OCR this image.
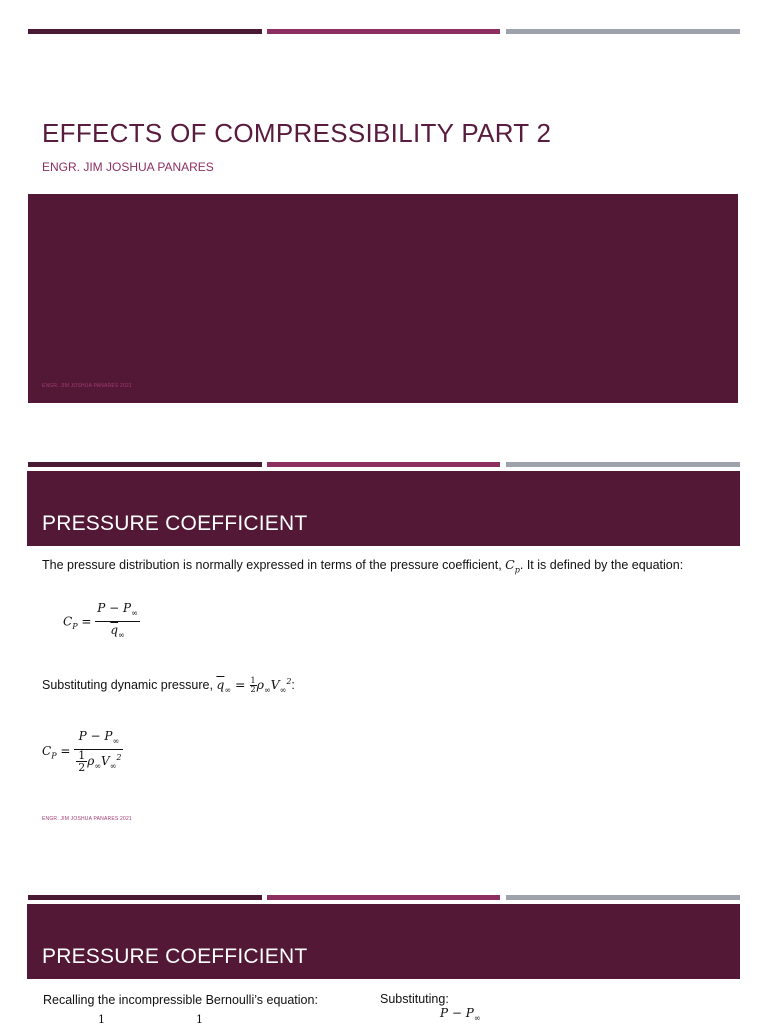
EFFECTS OF COMPRESSIBILITY PART 2
ENGR. JIM JOSHUA PANARES
ENGR. JIM JOSHUA PANARES 2021
PRESSURE COEFFICIENT
The pressure distribution is normally expressed in terms of the pressure coefficient, $C_p$. It is defined by the equation:
$C_P = \frac{P - P_\infty}{\overline{q}_\infty}$
Substituting dynamic pressure, $\overline{q}_\infty = \frac{1}{2} \rho_\infty V_\infty^2$:
$C_P = \frac{P - P_\infty}{\frac{1}{2} \rho_\infty V_\infty^2}$
ENGR. JIM JOSHUA PANARES 2021
PRESSURE COEFFICIENT
Recalling the incompressible Bernoulli’s equation:	Substituting:
1	1	$P - P_\infty$
